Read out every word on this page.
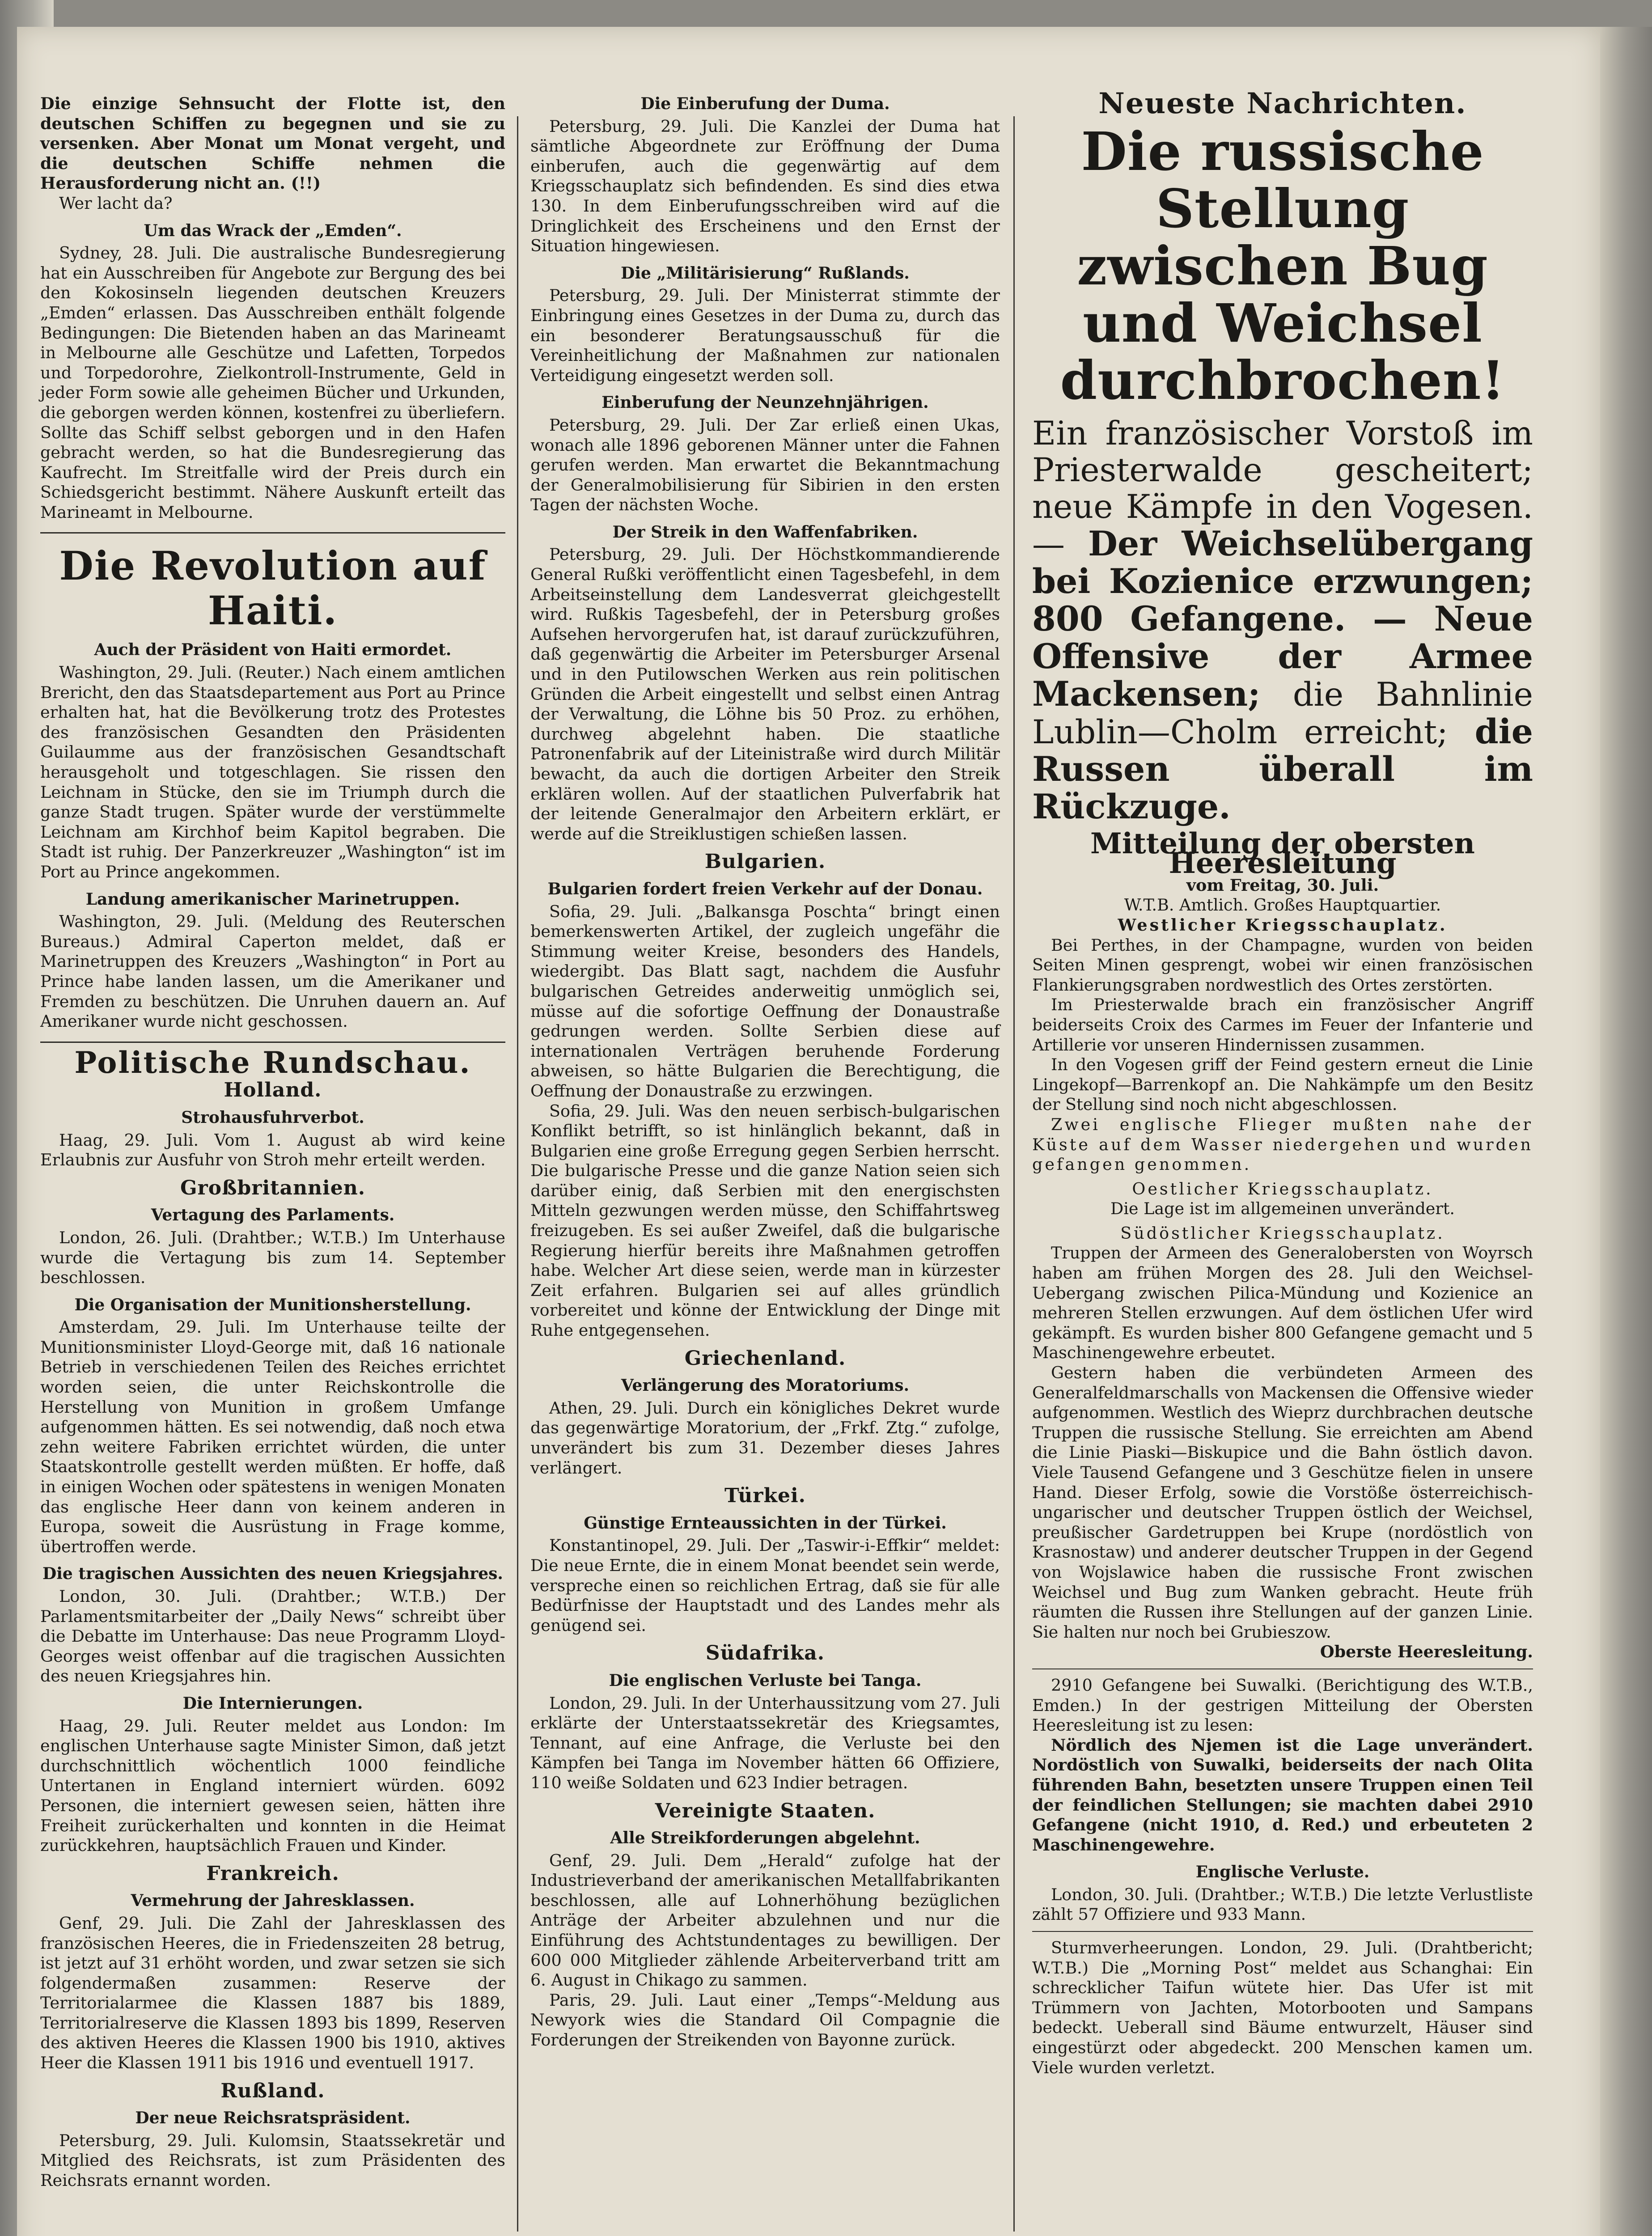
Die einzige Sehnsucht der Flotte ist, den deutschen Schiffen zu begegnen und sie zu versenken. Aber Monat um Monat vergeht, und die deutschen Schiffe nehmen die Herausforderung nicht an. (!!)

Wer lacht da?

Um das Wrack der „Emden“.

Sydney, 28. Juli. Die australische Bundesregierung hat ein Ausschreiben für Angebote zur Bergung des bei den Kokosinseln liegenden deutschen Kreuzers „Emden“ erlassen. Das Ausschreiben enthält folgende Bedingungen: Die Bietenden haben an das Marineamt in Melbourne alle Geschütze und Lafetten, Torpedos und Torpedorohre, Zielkontroll-Instrumente, Geld in jeder Form sowie alle geheimen Bücher und Urkunden, die geborgen werden können, kostenfrei zu überliefern. Sollte das Schiff selbst geborgen und in den Hafen gebracht werden, so hat die Bundesregierung das Kaufrecht. Im Streitfalle wird der Preis durch ein Schiedsgericht bestimmt. Nähere Auskunft erteilt das Marineamt in Melbourne.

Die Revolution auf Haiti.
Auch der Präsident von Haiti ermordet.

Washington, 29. Juli. (Reuter.) Nach einem amtlichen Brericht, den das Staatsdepartement aus Port au Prince erhalten hat, hat die Bevölkerung trotz des Protestes des französischen Gesandten den Präsidenten Guilaumme aus der französischen Gesandtschaft herausgeholt und totgeschlagen. Sie rissen den Leichnam in Stücke, den sie im Triumph durch die ganze Stadt trugen. Später wurde der verstümmelte Leichnam am Kirchhof beim Kapitol begraben. Die Stadt ist ruhig. Der Panzerkreuzer „Washington“ ist im Port au Prince angekommen.

Landung amerikanischer Marinetruppen.

Washington, 29. Juli. (Meldung des Reuterschen Bureaus.) Admiral Caperton meldet, daß er Marinetruppen des Kreuzers „Washington“ in Port au Prince habe landen lassen, um die Amerikaner und Fremden zu beschützen. Die Unruhen dauern an. Auf Amerikaner wurde nicht geschossen.

Politische Rundschau.
Holland.
Strohausfuhrverbot.

Haag, 29. Juli. Vom 1. August ab wird keine Erlaubnis zur Ausfuhr von Stroh mehr erteilt werden.

Großbritannien.
Vertagung des Parlaments.

London, 26. Juli. (Drahtber.; W.T.B.) Im Unterhause wurde die Vertagung bis zum 14. September beschlossen.

Die Organisation der Munitionsherstellung.

Amsterdam, 29. Juli. Im Unterhause teilte der Munitionsminister Lloyd-George mit, daß 16 nationale Betrieb in verschiedenen Teilen des Reiches errichtet worden seien, die unter Reichskontrolle die Herstellung von Munition in großem Umfange aufgenommen hätten. Es sei notwendig, daß noch etwa zehn weitere Fabriken errichtet würden, die unter Staatskontrolle gestellt werden müßten. Er hoffe, daß in einigen Wochen oder spätestens in wenigen Monaten das englische Heer dann von keinem anderen in Europa, soweit die Ausrüstung in Frage komme, übertroffen werde.

Die tragischen Aussichten des neuen Kriegsjahres.

London, 30. Juli. (Drahtber.; W.T.B.) Der Parlamentsmitarbeiter der „Daily News“ schreibt über die Debatte im Unterhause: Das neue Programm Lloyd-Georges weist offenbar auf die tragischen Aussichten des neuen Kriegsjahres hin.

Die Internierungen.

Haag, 29. Juli. Reuter meldet aus London: Im englischen Unterhause sagte Minister Simon, daß jetzt durchschnittlich wöchentlich 1000 feindliche Untertanen in England interniert würden. 6092 Personen, die interniert gewesen seien, hätten ihre Freiheit zurückerhalten und konnten in die Heimat zurückkehren, hauptsächlich Frauen und Kinder.

Frankreich.
Vermehrung der Jahresklassen.

Genf, 29. Juli. Die Zahl der Jahresklassen des französischen Heeres, die in Friedenszeiten 28 betrug, ist jetzt auf 31 erhöht worden, und zwar setzen sie sich folgendermaßen zusammen: Reserve der Territorialarmee die Klassen 1887 bis 1889, Territorialreserve die Klassen 1893 bis 1899, Reserven des aktiven Heeres die Klassen 1900 bis 1910, aktives Heer die Klassen 1911 bis 1916 und eventuell 1917.

Rußland.
Der neue Reichsratspräsident.

Petersburg, 29. Juli. Kulomsin, Staatssekretär und Mitglied des Reichsrats, ist zum Präsidenten des Reichsrats ernannt worden.

Die Einberufung der Duma.

Petersburg, 29. Juli. Die Kanzlei der Duma hat sämtliche Abgeordnete zur Eröffnung der Duma einberufen, auch die gegenwärtig auf dem Kriegsschauplatz sich befindenden. Es sind dies etwa 130. In dem Einberufungsschreiben wird auf die Dringlichkeit des Erscheinens und den Ernst der Situation hingewiesen.

Die „Militärisierung“ Rußlands.

Petersburg, 29. Juli. Der Ministerrat stimmte der Einbringung eines Gesetzes in der Duma zu, durch das ein besonderer Beratungsausschuß für die Vereinheitlichung der Maßnahmen zur nationalen Verteidigung eingesetzt werden soll.

Einberufung der Neunzehnjährigen.

Petersburg, 29. Juli. Der Zar erließ einen Ukas, wonach alle 1896 geborenen Männer unter die Fahnen gerufen werden. Man erwartet die Bekanntmachung der Generalmobilisierung für Sibirien in den ersten Tagen der nächsten Woche.

Der Streik in den Waffenfabriken.

Petersburg, 29. Juli. Der Höchstkommandierende General Rußki veröffentlicht einen Tagesbefehl, in dem Arbeitseinstellung dem Landesverrat gleichgestellt wird. Rußkis Tagesbefehl, der in Petersburg großes Aufsehen hervorgerufen hat, ist darauf zurückzuführen, daß gegenwärtig die Arbeiter im Petersburger Arsenal und in den Putilowschen Werken aus rein politischen Gründen die Arbeit eingestellt und selbst einen Antrag der Verwaltung, die Löhne bis 50 Proz. zu erhöhen, durchweg abgelehnt haben. Die staatliche Patronenfabrik auf der Liteinistraße wird durch Militär bewacht, da auch die dortigen Arbeiter den Streik erklären wollen. Auf der staatlichen Pulverfabrik hat der leitende Generalmajor den Arbeitern erklärt, er werde auf die Streiklustigen schießen lassen.

Bulgarien.
Bulgarien fordert freien Verkehr auf der Donau.

Sofia, 29. Juli. „Balkansga Poschta“ bringt einen bemerkenswerten Artikel, der zugleich ungefähr die Stimmung weiter Kreise, besonders des Handels, wiedergibt. Das Blatt sagt, nachdem die Ausfuhr bulgarischen Getreides anderweitig unmöglich sei, müsse auf die sofortige Oeffnung der Donaustraße gedrungen werden. Sollte Serbien diese auf internationalen Verträgen beruhende Forderung abweisen, so hätte Bulgarien die Berechtigung, die Oeffnung der Donaustraße zu erzwingen.

Sofia, 29. Juli. Was den neuen serbisch-bulgarischen Konflikt betrifft, so ist hinlänglich bekannt, daß in Bulgarien eine große Erregung gegen Serbien herrscht. Die bulgarische Presse und die ganze Nation seien sich darüber einig, daß Serbien mit den energischsten Mitteln gezwungen werden müsse, den Schiffahrtsweg freizugeben. Es sei außer Zweifel, daß die bulgarische Regierung hierfür bereits ihre Maßnahmen getroffen habe. Welcher Art diese seien, werde man in kürzester Zeit erfahren. Bulgarien sei auf alles gründlich vorbereitet und könne der Entwicklung der Dinge mit Ruhe entgegensehen.

Griechenland.
Verlängerung des Moratoriums.

Athen, 29. Juli. Durch ein königliches Dekret wurde das gegenwärtige Moratorium, der „Frkf. Ztg.“ zufolge, unverändert bis zum 31. Dezember dieses Jahres verlängert.

Türkei.
Günstige Ernteaussichten in der Türkei.

Konstantinopel, 29. Juli. Der „Taswir-i-Effkir“ meldet: Die neue Ernte, die in einem Monat beendet sein werde, verspreche einen so reichlichen Ertrag, daß sie für alle Bedürfnisse der Hauptstadt und des Landes mehr als genügend sei.

Südafrika.
Die englischen Verluste bei Tanga.

London, 29. Juli. In der Unterhaussitzung vom 27. Juli erklärte der Unterstaatssekretär des Kriegsamtes, Tennant, auf eine Anfrage, die Verluste bei den Kämpfen bei Tanga im November hätten 66 Offiziere, 110 weiße Soldaten und 623 Indier betragen.

Vereinigte Staaten.
Alle Streikforderungen abgelehnt.

Genf, 29. Juli. Dem „Herald“ zufolge hat der Industrieverband der amerikanischen Metallfabrikanten beschlossen, alle auf Lohnerhöhung bezüglichen Anträge der Arbeiter abzulehnen und nur die Einführung des Achtstundentages zu bewilligen. Der 600 000 Mitglieder zählende Arbeiterverband tritt am 6. August in Chikago zu sammen.

Paris, 29. Juli. Laut einer „Temps“-Meldung aus Newyork wies die Standard Oil Compagnie die Forderungen der Streikenden von Bayonne zurück.

Neueste Nachrichten.
Die russische Stellung zwischen Bug und Weichsel durchbrochen!
Ein französischer Vorstoß im Priesterwalde gescheitert; neue Kämpfe in den Vogesen. — Der Weichselübergang bei Kozienice erzwungen; 800 Gefangene. — Neue Offensive der Armee Mackensen; die Bahnlinie Lublin—Cholm erreicht; die Russen überall im Rückzuge.
Mitteilung der obersten Heeresleitung
vom Freitag, 30. Juli.
W.T.B. Amtlich. Großes Hauptquartier.
Westlicher Kriegsschauplatz.

Bei Perthes, in der Champagne, wurden von beiden Seiten Minen gesprengt, wobei wir einen französischen Flankierungsgraben nordwestlich des Ortes zerstörten.

Im Priesterwalde brach ein französischer Angriff beiderseits Croix des Carmes im Feuer der Infanterie und Artillerie vor unseren Hindernissen zusammen.

In den Vogesen griff der Feind gestern erneut die Linie Lingekopf—Barrenkopf an. Die Nahkämpfe um den Besitz der Stellung sind noch nicht abgeschlossen.

Zwei englische Flieger mußten nahe der Küste auf dem Wasser niedergehen und wurden gefangen genommen.

Oestlicher Kriegsschauplatz.

Die Lage ist im allgemeinen unverändert.

Südöstlicher Kriegsschauplatz.

Truppen der Armeen des Generalobersten von Woyrsch haben am frühen Morgen des 28. Juli den Weichsel-Uebergang zwischen Pilica-Mündung und Kozienice an mehreren Stellen erzwungen. Auf dem östlichen Ufer wird gekämpft. Es wurden bisher 800 Gefangene gemacht und 5 Maschinengewehre erbeutet.

Gestern haben die verbündeten Armeen des Generalfeldmarschalls von Mackensen die Offensive wieder aufgenommen. Westlich des Wieprz durchbrachen deutsche Truppen die russische Stellung. Sie erreichten am Abend die Linie Piaski—Biskupice und die Bahn östlich davon. Viele Tausend Gefangene und 3 Geschütze fielen in unsere Hand. Dieser Erfolg, sowie die Vorstöße österreichisch-ungarischer und deutscher Truppen östlich der Weichsel, preußischer Gardetruppen bei Krupe (nordöstlich von Krasnostaw) und anderer deutscher Truppen in der Gegend von Wojslawice haben die russische Front zwischen Weichsel und Bug zum Wanken gebracht. Heute früh räumten die Russen ihre Stellungen auf der ganzen Linie. Sie halten nur noch bei Grubieszow.

Oberste Heeresleitung.

2910 Gefangene bei Suwalki. (Berichtigung des W.T.B., Emden.) In der gestrigen Mitteilung der Obersten Heeresleitung ist zu lesen:

Nördlich des Njemen ist die Lage unverändert. Nordöstlich von Suwalki, beiderseits der nach Olita führenden Bahn, besetzten unsere Truppen einen Teil der feindlichen Stellungen; sie machten dabei 2910 Gefangene (nicht 1910, d. Red.) und erbeuteten 2 Maschinengewehre.

Englische Verluste.

London, 30. Juli. (Drahtber.; W.T.B.) Die letzte Verlustliste zählt 57 Offiziere und 933 Mann.

Sturmverheerungen. London, 29. Juli. (Drahtbericht; W.T.B.) Die „Morning Post“ meldet aus Schanghai: Ein schrecklicher Taifun wütete hier. Das Ufer ist mit Trümmern von Jachten, Motorbooten und Sampans bedeckt. Ueberall sind Bäume entwurzelt, Häuser sind eingestürzt oder abgedeckt. 200 Menschen kamen um. Viele wurden verletzt.
